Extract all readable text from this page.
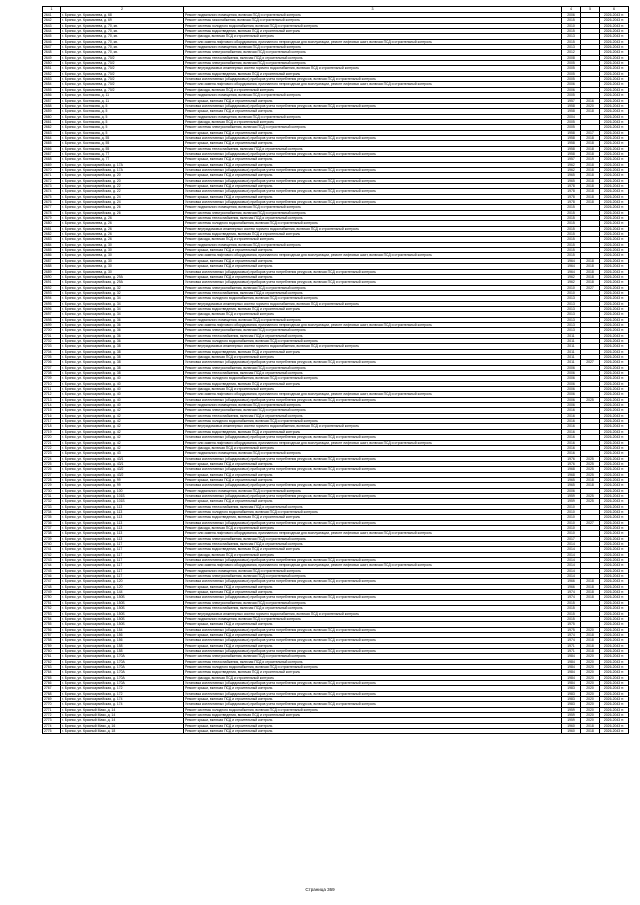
1	2	3	4	5	6
2641	г. Брянск, ул. Крахмалева, д. 68	Ремонт подвального помещения, включая ПСД и строительный контроль	2006		2026-2043 гг.
2642	г. Брянск, ул. Крахмалева, д. 69	Ремонт системы газоснабжения, включая ПСД и строительный контроль	2015		2026-2043 гг.
2643	г. Брянск, ул. Крахмалева, д. 70, кв.	Ремонт системы холодного водоснабжения, включая ПСД и строительный контроль	2010		2026-2043 гг.
2644	г. Брянск, ул. Крахмалева, д. 70, кв.	Ремонт системы водоотведения, включая ПСД и строительный контроль	2015		2026-2043 гг.
2645	г. Брянск, ул. Крахмалева, д. 70, кв.	Ремонт фасада, включая ПСД и строительный контроль	2013		2026-2043 гг.
2646	г. Брянск, ул. Крахмалева, д. 70, кв.	Ремонт или замена лифтового оборудования, признанного непригодным для эксплуатации, ремонт лифтовых шахт, включая ПСД и строительный контроль	2015		2026-2043 гг.
2647	г. Брянск, ул. Крахмалева, д. 70, кв.	Ремонт подвального помещения, включая ПСД и строительный контроль	2013		2026-2043 гг.
2648	г. Брянск, ул. Крахмалева, д. 70, кв.	Ремонт системы электроснабжения, включая ПСД и строительный контроль	2012		2026-2043 гг.
2649	г. Брянск, ул. Крахмалева, д. 70/2	Ремонт системы теплоснабжения, включая ПСД и строительный контроль	2008		2026-2043 гг.
2650	г. Брянск, ул. Крахмалева, д. 70/2	Ремонт системы электроснабжения, включая ПСД и строительный контроль	2005		2026-2043 гг.
2651	г. Брянск, ул. Крахмалева, д. 70/2	Ремонт внутридомовых инженерных систем горячего водоснабжения, включая ПСД и строительный контроль	2005		2026-2043 гг.
2652	г. Брянск, ул. Крахмалева, д. 70/2	Ремонт системы водоотведения, включая ПСД и строительный контроль	2005		2026-2043 гг.
2653	г. Брянск, ул. Крахмалева, д. 70/2	Установка коллективных (общедомовых) приборов учета потребления ресурсов, включая ПСД и строительный контроль	2005		2026-2043 гг.
2654	г. Брянск, ул. Крахмалева, д. 70/2	Ремонт или замена лифтового оборудования, признанного непригодным для эксплуатации, ремонт лифтовых шахт, включая ПСД и строительный контроль	2006		2026-2043 гг.
2655	г. Брянск, ул. Крахмалева, д. 70/2	Ремонт фасада, включая ПСД и строительный контроль	2006		2026-2043 гг.
2656	г. Брянск, ул. Костюкова, д. 11	Ремонт подвального помещения, включая ПСД и строительный контроль	2005		2026-2043 гг.
2657	г. Брянск, ул. Костюкова, д. 11	Ремонт крыши, включая ПСД и строительный контроль	1957	2016	2026-2043 гг.
2658	г. Брянск, ул. Костюкова, д. 5	Установка коллективных (общедомовых) приборов учета потребления ресурсов, включая ПСД и строительный контроль	1958	2020	2026-2043 гг.
2659	г. Брянск, ул. Костюкова, д. 5	Ремонт крыши, включая ПСД и строительный контроль	1958	2018	2026-2043 гг.
2660	г. Брянск, ул. Костюкова, д. 5	Ремонт подвального помещения, включая ПСД и строительный контроль	2004		2026-2043 гг.
2661	г. Брянск, ул. Костюкова, д. 5	Ремонт фасада, включая ПСД и строительный контроль	2005		2026-2043 гг.
2662	г. Брянск, ул. Костюкова, д. 5	Ремонт системы электроснабжения, включая ПСД и строительный контроль	2005		2026-2043 гг.
2663	г. Брянск, ул. Костюкова, д. 5	Ремонт крыши, включая ПСД и строительный контроль	1958	2017	2026-2043 гг.
2664	г. Брянск, ул. Костюкова, д. 55	Установка коллективных (общедомовых) приборов учета потребления ресурсов, включая ПСД и строительный контроль	1958	2018	2026-2043 гг.
2665	г. Брянск, ул. Костюкова, д. 55	Ремонт крыши, включая ПСД и строительный контроль	1958	2018	2026-2043 гг.
2666	г. Брянск, ул. Костюкова, д. 55	Ремонт системы теплоснабжения, включая ПСД и строительный контроль	1958	2018	2026-2043 гг.
2667	г. Брянск, ул. Костюкова, д. 77	Установка коллективных (общедомовых) приборов учета потребления ресурсов, включая ПСД и строительный контроль	1958	2018	2026-2043 гг.
2668	г. Брянск, ул. Костюкова, д. 77	Ремонт крыши, включая ПСД и строительный контроль	1957	2019	2026-2043 гг.
2669	г. Брянск, ул. Красноармейская, д. 17А	Ремонт крыши, включая ПСД и строительный контроль	1962	2018	2026-2043 гг.
2670	г. Брянск, ул. Красноармейская, д. 17А	Установка коллективных (общедомовых) приборов учета потребления ресурсов, включая ПСД и строительный контроль	1962	2018	2026-2043 гг.
2671	г. Брянск, ул. Красноармейская, д. 20	Ремонт крыши, включая ПСД и строительный контроль	1965	2018	2026-2043 гг.
2672	г. Брянск, ул. Красноармейская, д. 20	Установка коллективных (общедомовых) приборов учета потребления ресурсов, включая ПСД и строительный контроль	1965	2018	2026-2043 гг.
2673	г. Брянск, ул. Красноармейская, д. 22	Ремонт крыши, включая ПСД и строительный контроль	1978	2018	2026-2043 гг.
2674	г. Брянск, ул. Красноармейская, д. 22	Установка коллективных (общедомовых) приборов учета потребления ресурсов, включая ПСД и строительный контроль	1978	2018	2026-2043 гг.
2675	г. Брянск, ул. Красноармейская, д. 24	Ремонт крыши, включая ПСД и строительный контроль	1978	2018	2026-2043 гг.
2676	г. Брянск, ул. Красноармейская, д. 24	Установка коллективных (общедомовых) приборов учета потребления ресурсов, включая ПСД и строительный контроль	1978	2018	2026-2043 гг.
2677	г. Брянск, ул. Красноармейская, д. 26	Ремонт подвального помещения, включая ПСД и строительный контроль	2015		2026-2043 гг.
2678	г. Брянск, ул. Красноармейская, д. 26	Ремонт системы электроснабжения, включая ПСД и строительный контроль	2015		2026-2043 гг.
2679	г. Брянск, ул. Крахмалева, д. 26	Ремонт системы теплоснабжения, включая ПСД и строительный контроль	2015		2026-2043 гг.
2680	г. Брянск, ул. Крахмалева, д. 26	Ремонт системы холодного водоснабжения, включая ПСД и строительный контроль	2015		2026-2043 гг.
2681	г. Брянск, ул. Крахмалева, д. 26	Ремонт внутридомовых инженерных систем горячего водоснабжения, включая ПСД и строительный контроль	2015		2026-2043 гг.
2682	г. Брянск, ул. Крахмалева, д. 26	Ремонт системы водоотведения, включая ПСД и строительный контроль	2015		2026-2043 гг.
2683	г. Брянск, ул. Крахмалева, д. 26	Ремонт фасада, включая ПСД и строительный контроль	2015		2026-2043 гг.
2684	г. Брянск, ул. Крахмалева, д. 30	Ремонт подвального помещения, включая ПСД и строительный контроль	2015		2026-2043 гг.
2685	г. Брянск, ул. Крахмалева, д. 30	Ремонт крыши, включая ПСД и строительный контроль	2015		2026-2043 гг.
2686	г. Брянск, ул. Крахмалева, д. 30	Ремонт или замена лифтового оборудования, признанного непригодным для эксплуатации, ремонт лифтовых шахт, включая ПСД и строительный контроль	2015		2026-2043 гг.
2687	г. Брянск, ул. Крахмалева, д. 30	Ремонт крыши, включая ПСД и строительный контроль	1964	2018	2026-2043 гг.
2688	г. Брянск, ул. Крахмалева, д. 30	Ремонт крыши, включая ПСД и строительный контроль	1964	2018	2026-2043 гг.
2689	г. Брянск, ул. Крахмалева, д. 30	Установка коллективных (общедомовых) приборов учета потребления ресурсов, включая ПСД и строительный контроль	1964	2018	2026-2043 гг.
2690	г. Брянск, ул. Красноармейская, д. 29А	Ремонт крыши, включая ПСД и строительный контроль	1962	2018	2026-2043 гг.
2691	г. Брянск, ул. Красноармейская, д. 29А	Установка коллективных (общедомовых) приборов учета потребления ресурсов, включая ПСД и строительный контроль	1962	2018	2026-2043 гг.
2692	г. Брянск, ул. Красноармейская, д. 32	Ремонт системы электроснабжения, включая ПСД и строительный контроль	2010	2027	2026-2043 гг.
2693	г. Брянск, ул. Красноармейская, д. 32	Ремонт системы теплоснабжения, включая ПСД и строительный контроль	2010		2026-2043 гг.
2694	г. Брянск, ул. Красноармейская, д. 34	Ремонт системы холодного водоснабжения, включая ПСД и строительный контроль	2013		2026-2043 гг.
2695	г. Брянск, ул. Красноармейская, д. 34	Ремонт внутридомовых инженерных систем горячего водоснабжения, включая ПСД и строительный контроль	2013		2026-2043 гг.
2696	г. Брянск, ул. Красноармейская, д. 34	Ремонт системы водоотведения, включая ПСД и строительный контроль	2013		2026-2043 гг.
2697	г. Брянск, ул. Красноармейская, д. 34	Ремонт фасада, включая ПСД и строительный контроль	2013		2026-2043 гг.
2698	г. Брянск, ул. Красноармейская, д. 36	Ремонт подвального помещения, включая ПСД и строительный контроль	2013		2026-2043 гг.
2699	г. Брянск, ул. Красноармейская, д. 36	Ремонт или замена лифтового оборудования, признанного непригодным для эксплуатации, ремонт лифтовых шахт, включая ПСД и строительный контроль	2013		2026-2043 гг.
2700	г. Брянск, ул. Красноармейская, д. 36	Ремонт системы электроснабжения, включая ПСД и строительный контроль	2013		2026-2043 гг.
2701	г. Брянск, ул. Красноармейская, д. 36	Ремонт системы теплоснабжения, включая ПСД и строительный контроль	2011		2026-2043 гг.
2702	г. Брянск, ул. Красноармейская, д. 36	Ремонт системы холодного водоснабжения, включая ПСД и строительный контроль	2011		2026-2043 гг.
2703	г. Брянск, ул. Красноармейская, д. 38	Ремонт внутридомовых инженерных систем горячего водоснабжения, включая ПСД и строительный контроль	2011		2026-2043 гг.
2704	г. Брянск, ул. Красноармейская, д. 38	Ремонт системы водоотведения, включая ПСД и строительный контроль	2011		2026-2043 гг.
2705	г. Брянск, ул. Красноармейская, д. 38	Ремонт фасада, включая ПСД и строительный контроль	2011		2026-2043 гг.
2706	г. Брянск, ул. Красноармейская, д. 38	Установка коллективных (общедомовых) приборов учета потребления ресурсов, включая ПСД и строительный контроль	2011	2027	2026-2043 гг.
2707	г. Брянск, ул. Красноармейская, д. 38	Ремонт системы электроснабжения, включая ПСД и строительный контроль	2006		2026-2043 гг.
2708	г. Брянск, ул. Красноармейская, д. 38	Ремонт системы теплоснабжения, включая ПСД и строительный контроль	2006		2026-2043 гг.
2709	г. Брянск, ул. Красноармейская, д. 40	Ремонт системы холодного водоснабжения, включая ПСД и строительный контроль	2006		2026-2043 гг.
2710	г. Брянск, ул. Красноармейская, д. 40	Ремонт системы водоотведения, включая ПСД и строительный контроль	2006		2026-2043 гг.
2711	г. Брянск, ул. Красноармейская, д. 40	Ремонт фасада, включая ПСД и строительный контроль	2006		2026-2043 гг.
2712	г. Брянск, ул. Красноармейская, д. 40	Ремонт или замена лифтового оборудования, признанного непригодным для эксплуатации, ремонт лифтовых шахт, включая ПСД и строительный контроль	2006		2026-2043 гг.
2713	г. Брянск, ул. Красноармейская, д. 40	Установка коллективных (общедомовых) приборов учета потребления ресурсов, включая ПСД и строительный контроль	2006	2025	2026-2043 гг.
2714	г. Брянск, ул. Красноармейская, д. 40	Ремонт подвального помещения, включая ПСД и строительный контроль	2006		2026-2043 гг.
2715	г. Брянск, ул. Красноармейская, д. 42	Ремонт системы электроснабжения, включая ПСД и строительный контроль	2016		2026-2043 гг.
2716	г. Брянск, ул. Красноармейская, д. 42	Ремонт системы теплоснабжения, включая ПСД и строительный контроль	2016		2026-2043 гг.
2717	г. Брянск, ул. Красноармейская, д. 42	Ремонт системы холодного водоснабжения, включая ПСД и строительный контроль	2016		2026-2043 гг.
2718	г. Брянск, ул. Красноармейская, д. 42	Ремонт внутридомовых инженерных систем горячего водоснабжения, включая ПСД и строительный контроль	2016		2026-2043 гг.
2719	г. Брянск, ул. Красноармейская, д. 42	Ремонт системы водоотведения, включая ПСД и строительный контроль	2016		2026-2043 гг.
2720	г. Брянск, ул. Красноармейская, д. 42	Установка коллективных (общедомовых) приборов учета потребления ресурсов, включая ПСД и строительный контроль	2016		2026-2043 гг.
2721	г. Брянск, ул. Красноармейская, д. 42	Ремонт или замена лифтового оборудования, признанного непригодным для эксплуатации, ремонт лифтовых шахт, включая ПСД и строительный контроль	2016		2026-2043 гг.
2722	г. Брянск, ул. Красноармейская, д. 42	Ремонт фасада, включая ПСД и строительный контроль	2016		2026-2043 гг.
2723	г. Брянск, ул. Красноармейская, д. 43	Ремонт подвального помещения, включая ПСД и строительный контроль	2016		2026-2043 гг.
2724	г. Брянск, ул. Красноармейская, д. 43/1	Установка коллективных (общедомовых) приборов учета потребления ресурсов, включая ПСД и строительный контроль	1976	2025	2026-2043 гг.
2725	г. Брянск, ул. Красноармейская, д. 43/1	Ремонт крыши, включая ПСД и строительный контроль	1976	2025	2026-2043 гг.
2726	г. Брянск, ул. Красноармейская, д. 43/2	Установка коллективных (общедомовых) приборов учета потребления ресурсов, включая ПСД и строительный контроль	1968	2025	2026-2043 гг.
2727	г. Брянск, ул. Красноармейская, д. 43/2	Ремонт крыши, включая ПСД и строительный контроль	1968	2025	2026-2043 гг.
2728	г. Брянск, ул. Красноармейская, д. 99	Ремонт крыши, включая ПСД и строительный контроль	1965	2018	2026-2043 гг.
2729	г. Брянск, ул. Красноармейская, д. 99	Установка коллективных (общедомовых) приборов учета потребления ресурсов, включая ПСД и строительный контроль	1965	2018	2026-2043 гг.
2730	г. Брянск, ул. Красноармейская, д. 100	Ремонт подвального помещения, включая ПСД и строительный контроль	2006		2026-2043 гг.
2731	г. Брянск, ул. Красноармейская, д. 101Б	Установка коллективных (общедомовых) приборов учета потребления ресурсов, включая ПСД и строительный контроль	1959	2025	2026-2043 гг.
2732	г. Брянск, ул. Красноармейская, д. 101Б	Ремонт крыши, включая ПСД и строительный контроль	1959	2025	2026-2043 гг.
2733	г. Брянск, ул. Красноармейская, д. 113	Ремонт системы теплоснабжения, включая ПСД и строительный контроль	2010		2026-2043 гг.
2734	г. Брянск, ул. Красноармейская, д. 113	Ремонт системы холодного водоснабжения, включая ПСД и строительный контроль	2010		2026-2043 гг.
2735	г. Брянск, ул. Красноармейская, д. 113	Ремонт системы водоотведения, включая ПСД и строительный контроль	2010		2026-2043 гг.
2736	г. Брянск, ул. Красноармейская, д. 113	Установка коллективных (общедомовых) приборов учета потребления ресурсов, включая ПСД и строительный контроль	2010	2027	2026-2043 гг.
2737	г. Брянск, ул. Красноармейская, д. 113	Ремонт фасада, включая ПСД и строительный контроль	2010		2026-2043 гг.
2738	г. Брянск, ул. Красноармейская, д. 113	Ремонт или замена лифтового оборудования, признанного непригодным для эксплуатации, ремонт лифтовых шахт, включая ПСД и строительный контроль	2010		2026-2043 гг.
2739	г. Брянск, ул. Красноармейская, д. 113	Ремонт системы электроснабжения, включая ПСД и строительный контроль	2017		2026-2043 гг.
2740	г. Брянск, ул. Красноармейская, д. 117	Ремонт системы теплоснабжения, включая ПСД и строительный контроль	2014		2026-2043 гг.
2741	г. Брянск, ул. Красноармейская, д. 117	Ремонт системы водоотведения, включая ПСД и строительный контроль	2014		2026-2043 гг.
2742	г. Брянск, ул. Красноармейская, д. 117	Ремонт фасада, включая ПСД и строительный контроль	2014		2026-2043 гг.
2743	г. Брянск, ул. Красноармейская, д. 117	Установка коллективных (общедомовых) приборов учета потребления ресурсов, включая ПСД и строительный контроль	2014		2026-2043 гг.
2744	г. Брянск, ул. Красноармейская, д. 117	Ремонт или замена лифтового оборудования, признанного непригодным для эксплуатации, ремонт лифтовых шахт, включая ПСД и строительный контроль	2014		2026-2043 гг.
2745	г. Брянск, ул. Красноармейская, д. 117	Ремонт подвального помещения, включая ПСД и строительный контроль	2014		2026-2043 гг.
2746	г. Брянск, ул. Красноармейская, д. 117	Ремонт системы электроснабжения, включая ПСД и строительный контроль	2014		2026-2043 гг.
2747	г. Брянск, ул. Красноармейская, д. 120	Установка коллективных (общедомовых) приборов учета потребления ресурсов, включая ПСД и строительный контроль	1966	2018	2026-2043 гг.
2748	г. Брянск, ул. Красноармейская, д. 120	Ремонт крыши, включая ПСД и строительный контроль	1966	2018	2026-2043 гг.
2749	г. Брянск, ул. Красноармейская, д. 144	Ремонт крыши, включая ПСД и строительный контроль	1974	2018	2026-2043 гг.
2750	г. Брянск, ул. Красноармейская, д. 150Б	Установка коллективных (общедомовых) приборов учета потребления ресурсов, включая ПСД и строительный контроль	1974	2018	2026-2043 гг.
2751	г. Брянск, ул. Красноармейская, д. 150Б	Ремонт системы электроснабжения, включая ПСД и строительный контроль	2015		2026-2043 гг.
2752	г. Брянск, ул. Красноармейская, д. 150Б	Ремонт системы теплоснабжения, включая ПСД и строительный контроль	2015		2026-2043 гг.
2753	г. Брянск, ул. Красноармейская, д. 150Б	Ремонт внутридомовых инженерных систем горячего водоснабжения, включая ПСД и строительный контроль	2015		2026-2043 гг.
2754	г. Брянск, ул. Красноармейская, д. 150Б	Ремонт подвального помещения, включая ПСД и строительный контроль	2015		2026-2043 гг.
2755	г. Брянск, ул. Красноармейская, д. 150Б	Ремонт крыши, включая ПСД и строительный контроль	1975		2026-2043 гг.
2756	г. Брянск, ул. Красноармейская, д. 154	Установка коллективных (общедомовых) приборов учета потребления ресурсов, включая ПСД и строительный контроль	1975	2020	2026-2043 гг.
2757	г. Брянск, ул. Красноармейская, д. 156	Ремонт крыши, включая ПСД и строительный контроль	1974	2018	2026-2043 гг.
2758	г. Брянск, ул. Красноармейская, д. 156	Установка коллективных (общедомовых) приборов учета потребления ресурсов, включая ПСД и строительный контроль	1974	2018	2026-2043 гг.
2759	г. Брянск, ул. Красноармейская, д. 158	Ремонт крыши, включая ПСД и строительный контроль	1971	2018	2026-2043 гг.
2760	г. Брянск, ул. Красноармейская, д. 158	Установка коллективных (общедомовых) приборов учета потребления ресурсов, включая ПСД и строительный контроль	1971	2018	2026-2043 гг.
2761	г. Брянск, ул. Красноармейская, д. 170А	Ремонт системы электроснабжения, включая ПСД и строительный контроль	1984	2020	2026-2043 гг.
2762	г. Брянск, ул. Красноармейская, д. 170А	Ремонт системы теплоснабжения, включая ПСД и строительный контроль	1984	2020	2026-2043 гг.
2763	г. Брянск, ул. Красноармейская, д. 170А	Ремонт системы холодного водоснабжения, включая ПСД и строительный контроль	1984	2020	2026-2043 гг.
2764	г. Брянск, ул. Красноармейская, д. 170А	Ремонт системы водоотведения, включая ПСД и строительный контроль	1984	2020	2026-2043 гг.
2765	г. Брянск, ул. Красноармейская, д. 170А	Ремонт фасада, включая ПСД и строительный контроль	1984	2020	2026-2043 гг.
2766	г. Брянск, ул. Красноармейская, д. 170А	Установка коллективных (общедомовых) приборов учета потребления ресурсов, включая ПСД и строительный контроль	1984	2020	2026-2043 гг.
2767	г. Брянск, ул. Красноармейская, д. 172	Ремонт крыши, включая ПСД и строительный контроль	1983	2020	2026-2043 гг.
2768	г. Брянск, ул. Красноармейская, д. 172	Установка коллективных (общедомовых) приборов учета потребления ресурсов, включая ПСД и строительный контроль	1983	2020	2026-2043 гг.
2769	г. Брянск, ул. Красноармейская, д. 174	Ремонт крыши, включая ПСД и строительный контроль	1983	2020	2026-2043 гг.
2770	г. Брянск, ул. Красноармейская, д. 174	Установка коллективных (общедомовых) приборов учета потребления ресурсов, включая ПСД и строительный контроль	1983	2020	2026-2043 гг.
2771	г. Брянск, ул. Красный Маяк, д. 14	Ремонт системы холодного водоснабжения, включая ПСД и строительный контроль	1959	2020	2026-2043 гг.
2772	г. Брянск, ул. Красный Маяк, д. 14	Ремонт системы водоотведения, включая ПСД и строительный контроль	1959	2020	2026-2043 гг.
2773	г. Брянск, ул. Красный Маяк, д. 14	Ремонт крыши, включая ПСД и строительный контроль	1959	2020	2026-2043 гг.
2774	г. Брянск, ул. Красный Маяк, д. 16	Ремонт крыши, включая ПСД и строительный контроль	1960	2018	2026-2043 гг.
2775	г. Брянск, ул. Красный Маяк, д. 18	Ремонт крыши, включая ПСД и строительный контроль	1960	2018	2026-2043 гг.
Страница 369
